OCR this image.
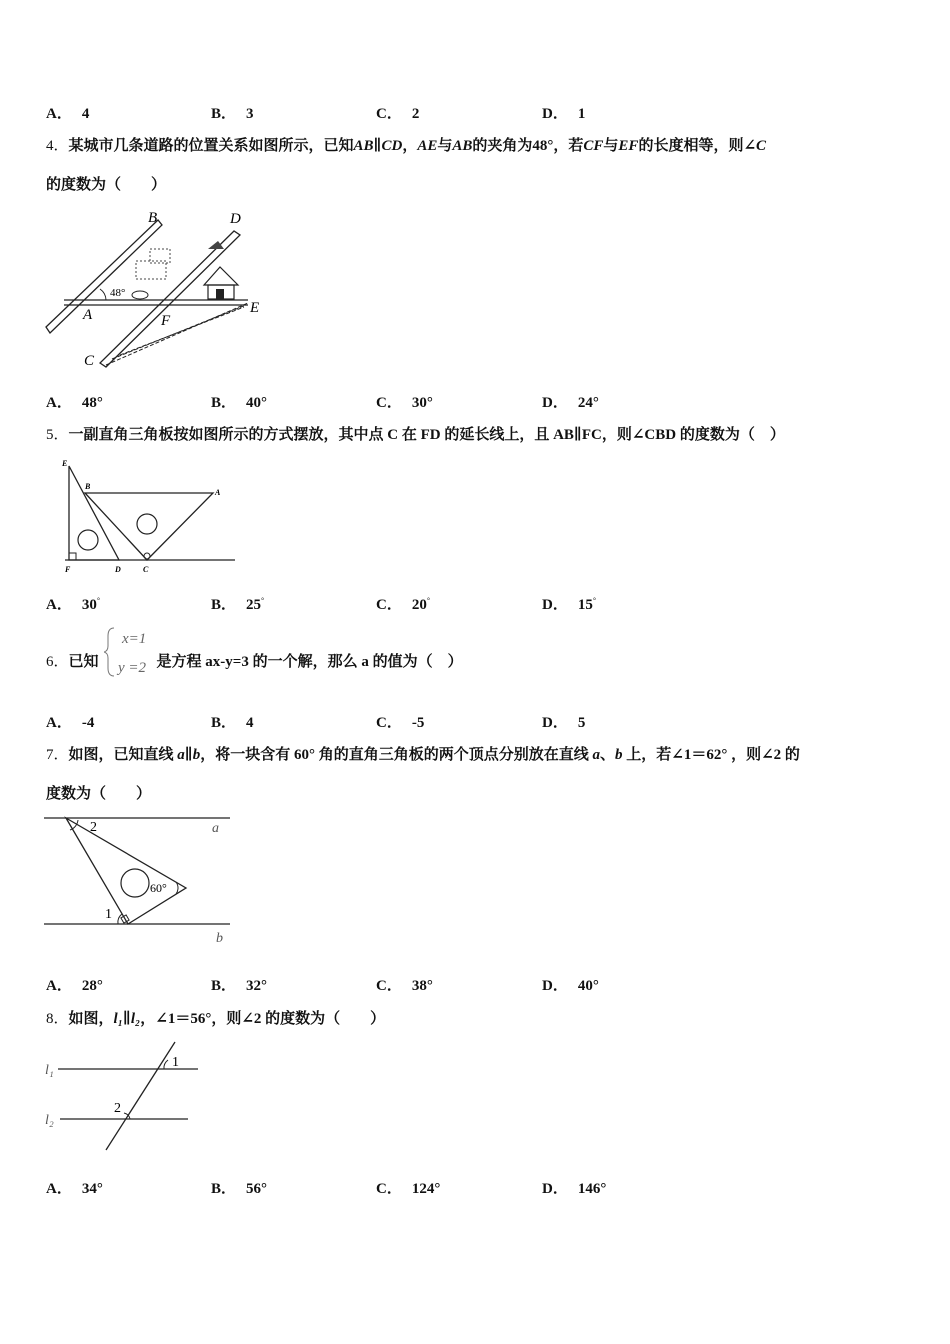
A． 4	B． 3	C． 2	D． 1
4．某城市几条道路的位置关系如图所示，已知AB∥CD，AE与AB的夹角为48°，若CF与EF的长度相等，则∠C
的度数为（　　）
48°
B	D
A	F
E
C
A． 48°	B． 40°	C． 30°	D． 24°
5．一副直角三角板按如图所示的方式摆放，其中点 C 在 FD 的延长线上，且 AB∥FC，则∠CBD 的度数为（　）
E
B
A
F	D	C
A． 30°	B． 25°	C． 20°	D． 15°
6．已知	是方程 ax-y=3 的一个解，那么 a 的值为（　）
x=1
y =2
A． -4	B． 4	C． -5	D． 5
7．如图，已知直线 a∥b，将一块含有 60° 角的直角三角板的两个顶点分别放在直线 a、b 上，若∠1＝62° ，则∠2 的
度数为（　　）
a
b
2
1
60°
A． 28°	B． 32°	C． 38°	D． 40°
8．如图，l₁∥l₂，∠1＝56°，则∠2 的度数为（　　）
l₁
l₂
1
2
A． 34°	B． 56°	C． 124°	D． 146°
